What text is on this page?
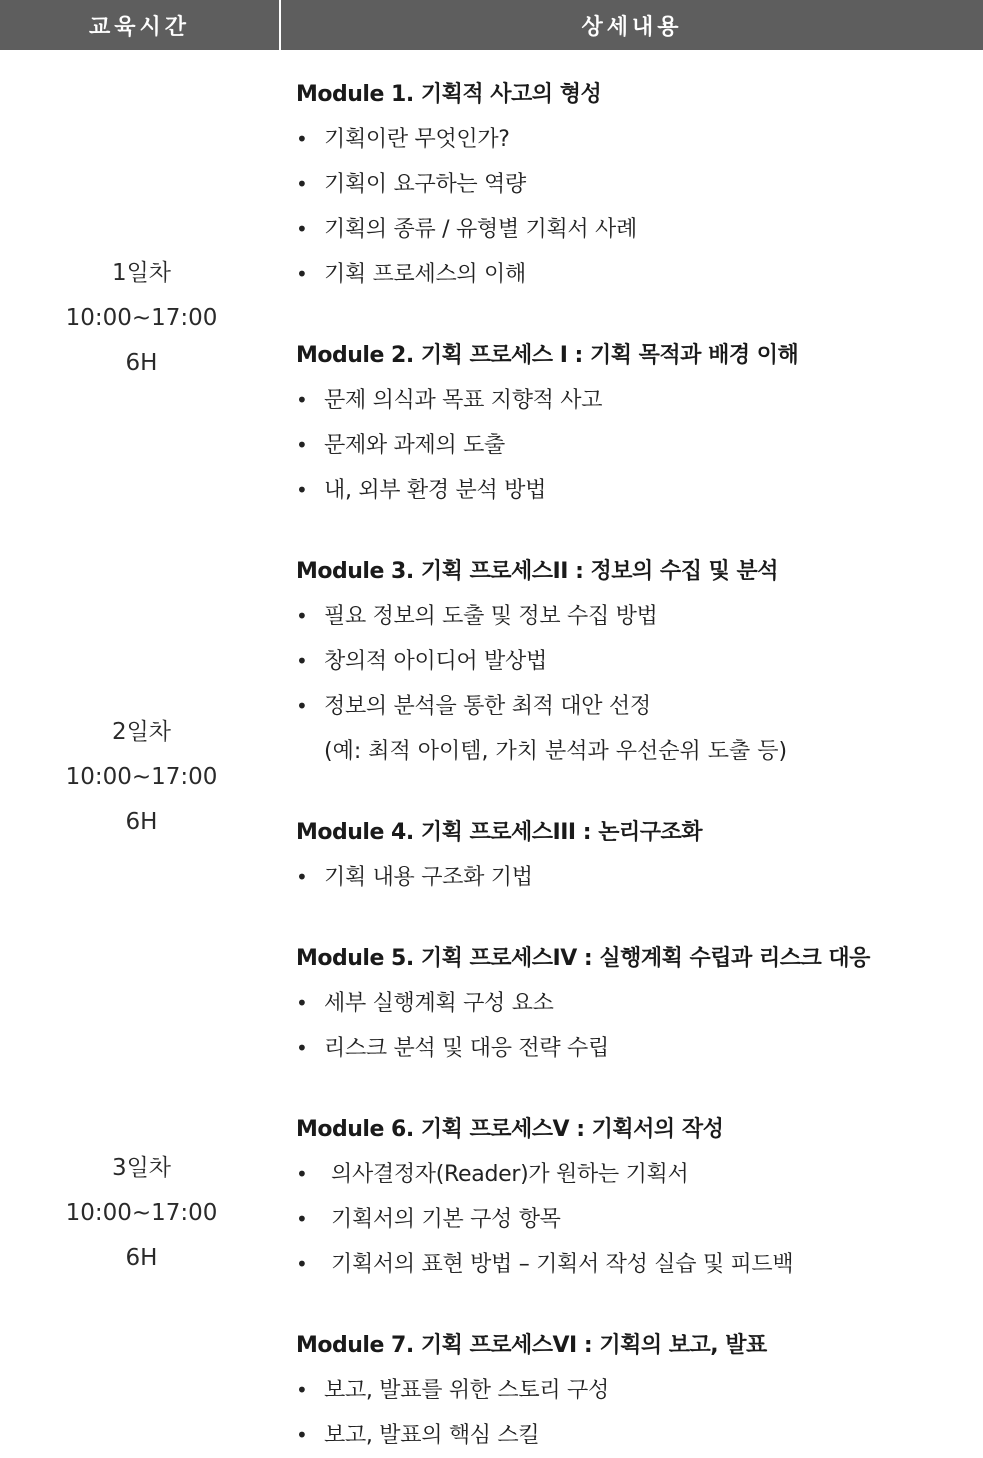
교육시간	상세내용
1일차
10:00~17:00
6H
2일차
10:00~17:00
6H
3일차
10:00~17:00
6H
Module 1. 기획적 사고의 형성
• 기획이란 무엇인가?
• 기획이 요구하는 역량
• 기획의 종류 / 유형별 기획서 사례
• 기획 프로세스의 이해
Module 2. 기획 프로세스 I : 기획 목적과 배경 이해
• 문제 의식과 목표 지향적 사고
• 문제와 과제의 도출
• 내, 외부 환경 분석 방법
Module 3. 기획 프로세스II : 정보의 수집 및 분석
• 필요 정보의 도출 및 정보 수집 방법
• 창의적 아이디어 발상법
• 정보의 분석을 통한 최적 대안 선정
(예: 최적 아이템, 가치 분석과 우선순위 도출 등)
Module 4. 기획 프로세스III : 논리구조화
• 기획 내용 구조화 기법
Module 5. 기획 프로세스IV : 실행계획 수립과 리스크 대응
• 세부 실행계획 구성 요소
• 리스크 분석 및 대응 전략 수립
Module 6. 기획 프로세스V : 기획서의 작성
• 의사결정자(Reader)가 원하는 기획서
• 기획서의 기본 구성 항목
• 기획서의 표현 방법 – 기획서 작성 실습 및 피드백
Module 7. 기획 프로세스VI : 기획의 보고, 발표
• 보고, 발표를 위한 스토리 구성
• 보고, 발표의 핵심 스킬
